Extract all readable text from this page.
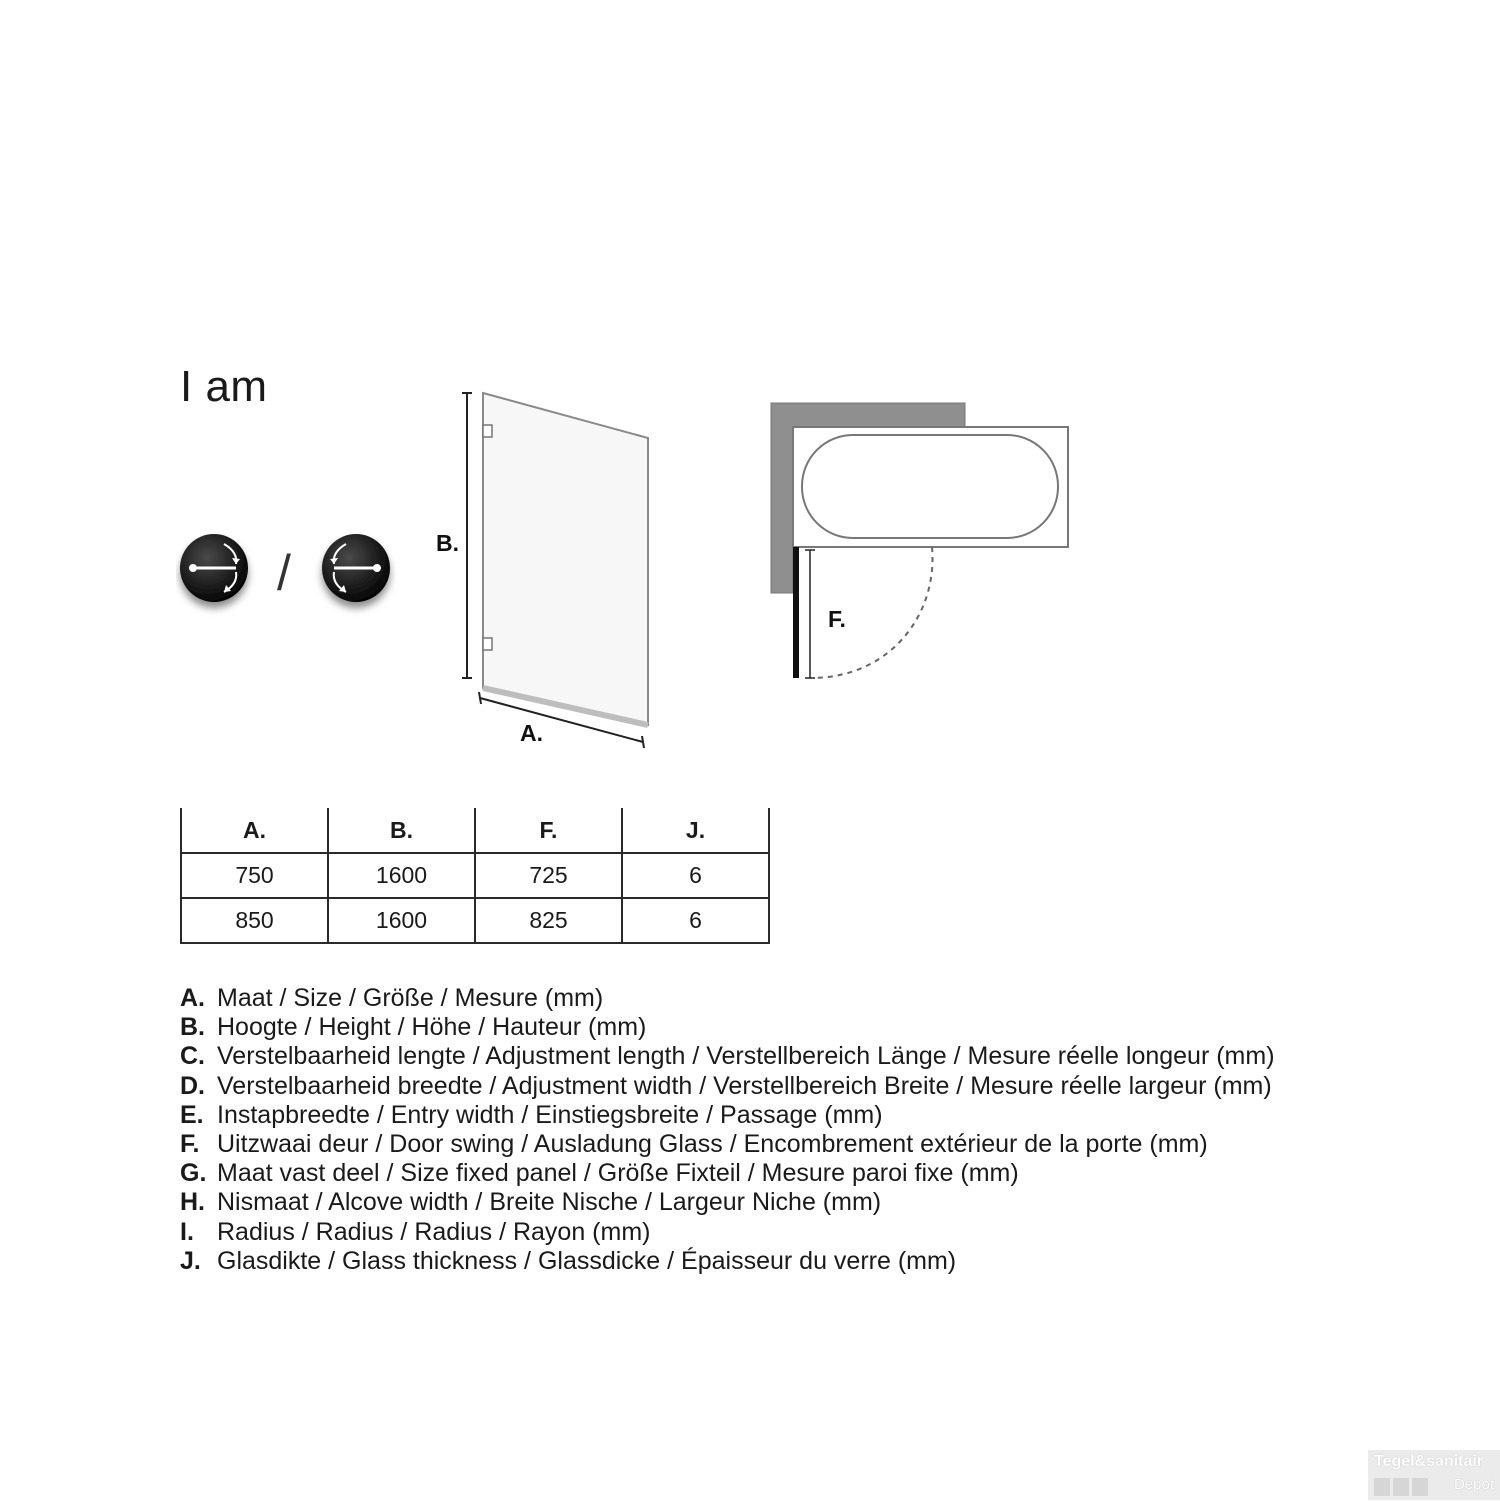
I am
/
B.
A.
F.
A.	B.	F.	J.
750	1600	725	6
850	1600	825	6
A. Maat / Size / Größe / Mesure (mm)
B. Hoogte / Height / Höhe / Hauteur (mm)
C. Verstelbaarheid lengte / Adjustment length / Verstellbereich Länge / Mesure réelle longeur (mm)
D. Verstelbaarheid breedte / Adjustment width / Verstellbereich Breite / Mesure réelle largeur (mm)
E. Instapbreedte / Entry width / Einstiegsbreite / Passage (mm)
F. Uitzwaai deur / Door swing / Ausladung Glass / Encombrement extérieur de la porte (mm)
G. Maat vast deel / Size fixed panel / Größe Fixteil / Mesure paroi fixe (mm)
H. Nismaat / Alcove width / Breite Nische / Largeur Niche (mm)
I. Radius / Radius / Radius / Rayon (mm)
J. Glasdikte / Glass thickness / Glassdicke / Épaisseur du verre (mm)
Tegel&sanitair
Depot
